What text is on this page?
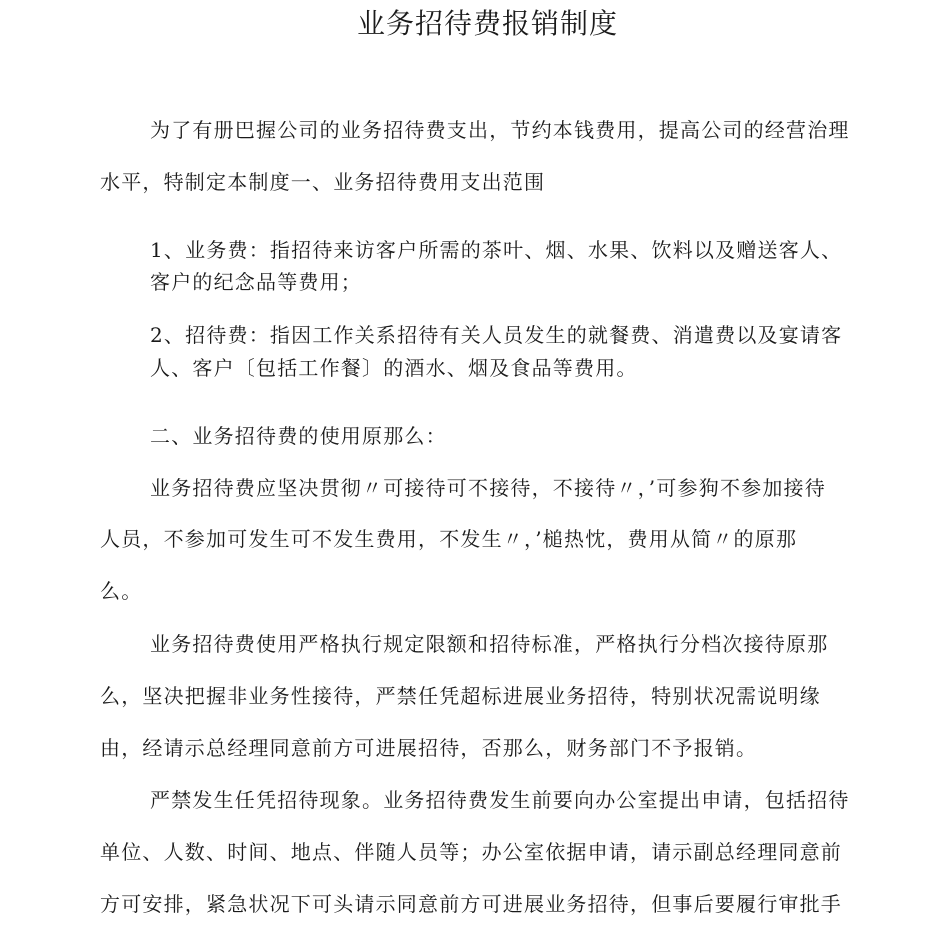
业务招待费报销制度
为了有册巴握公司的业务招待费支出，节约本钱费用，提高公司的经营治理
水平，特制定本制度一、业务招待费用支出范围
1、业务费：指招待来访客户所需的茶叶、烟、水果、饮料以及赠送客人、
客户的纪念品等费用；
2、招待费：指因工作关系招待有关人员发生的就餐费、消遣费以及宴请客
人、客户〔包括工作餐〕的酒水、烟及食品等费用。
二、业务招待费的使用原那么：
业务招待费应坚决贯彻〃可接待可不接待，不接待〃，’可参狗不参加接待
人员，不参加可发生可不发生费用，不发生〃，’槌热忱，费用从简〃的原那
么。
业务招待费使用严格执行规定限额和招待标准，严格执行分档次接待原那
么，坚决把握非业务性接待，严禁任凭超标进展业务招待，特别状况需说明缘
由，经请示总经理同意前方可进展招待，否那么，财务部门不予报销。
严禁发生任凭招待现象。业务招待费发生前要向办公室提出申请，包括招待
单位、人数、时间、地点、伴随人员等；办公室依据申请，请示副总经理同意前
方可安排，紧急状况下可头请示同意前方可进展业务招待，但事后要履行审批手
